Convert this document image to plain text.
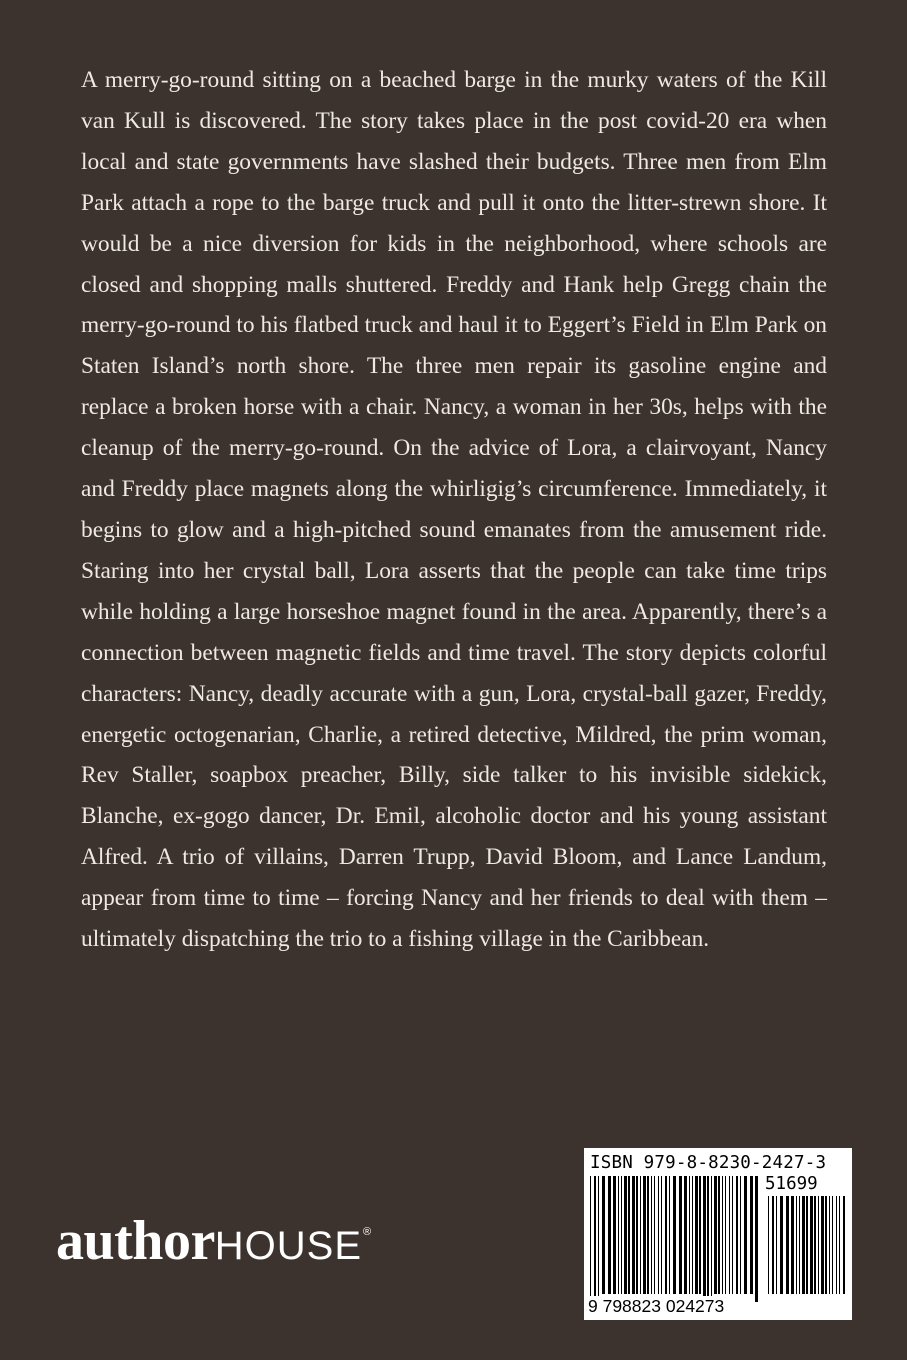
A merry-go-round sitting on a beached barge in the murky waters of the Kill van Kull is discovered. The story takes place in the post covid-20 era when local and state governments have slashed their budgets. Three men from Elm Park attach a rope to the barge truck and pull it onto the litter-strewn shore. It would be a nice diversion for kids in the neighborhood, where schools are closed and shopping malls shuttered. Freddy and Hank help Gregg chain the merry-go-round to his flatbed truck and haul it to Eggert’s Field in Elm Park on Staten Island’s north shore. The three men repair its gasoline engine and replace a broken horse with a chair. Nancy, a woman in her 30s, helps with the cleanup of the merry-go-round. On the advice of Lora, a clairvoyant, Nancy and Freddy place magnets along the whirligig’s circumference. Immediately, it begins to glow and a high-pitched sound emanates from the amusement ride. Staring into her crystal ball, Lora asserts that the people can take time trips while holding a large horseshoe magnet found in the area. Apparently, there’s a connection between magnetic fields and time travel. The story depicts colorful characters: Nancy, deadly accurate with a gun, Lora, crystal-ball gazer, Freddy, energetic octogenarian, Charlie, a retired detective, Mildred, the prim woman, Rev Staller, soapbox preacher, Billy, side talker to his invisible sidekick, Blanche, ex-gogo dancer, Dr. Emil, alcoholic doctor and his young assistant Alfred. A trio of villains, Darren Trupp, David Bloom, and Lance Landum, appear from time to time – forcing Nancy and her friends to deal with them –ultimately dispatching the trio to a fishing village in the Caribbean.

authorHOUSE®
ISBN 979-8-8230-2427-3
51699
9 798823 024273
